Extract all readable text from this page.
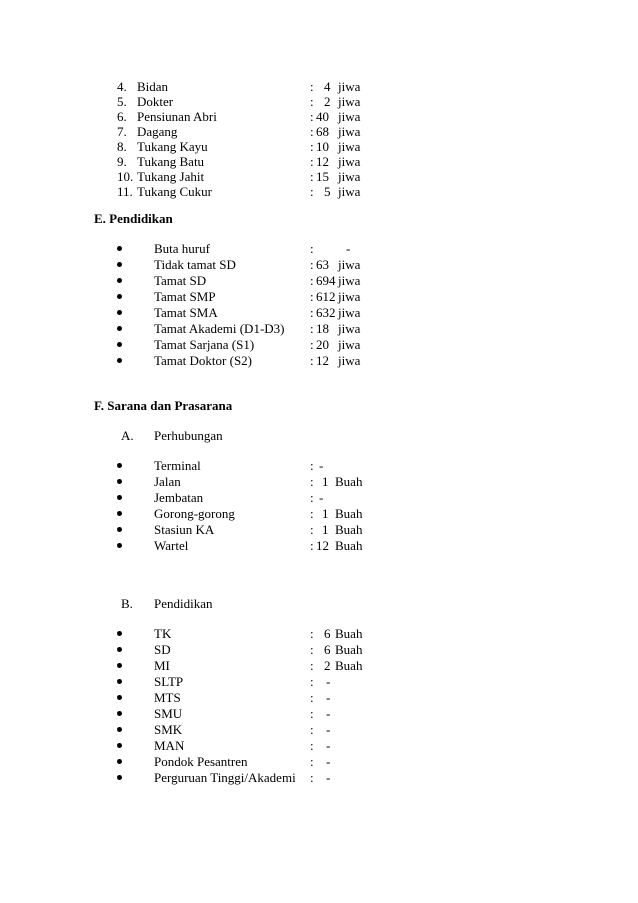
4. Bidan	: 4 jiwa
5. Dokter	: 2 jiwa
6. Pensiunan Abri	: 40 jiwa
7. Dagang	: 68 jiwa
8. Tukang Kayu	: 10 jiwa
9. Tukang Batu	: 12 jiwa
10. Tukang Jahit	: 15 jiwa
11. Tukang Cukur	: 5 jiwa
E. Pendidikan
Buta huruf	: -
Tidak tamat SD	: 63 jiwa
Tamat SD	: 694 jiwa
Tamat SMP	: 612 jiwa
Tamat SMA	: 632 jiwa
Tamat Akademi (D1-D3) : 18 jiwa
Tamat Sarjana (S1)	: 20 jiwa
Tamat Doktor (S2)	: 12 jiwa
F. Sarana dan Prasarana
A. Perhubungan
Terminal	: -
Jalan	: 1 Buah
Jembatan	: -
Gorong-gorong	: 1 Buah
Stasiun KA	: 1 Buah
Wartel	: 12 Buah
B. Pendidikan
TK	: 6 Buah
SD	: 6 Buah
MI	: 2 Buah
SLTP	: -
MTS	: -
SMU	: -
SMK	: -
MAN	: -
Pondok Pesantren	: -
Perguruan Tinggi/Akademi : -
